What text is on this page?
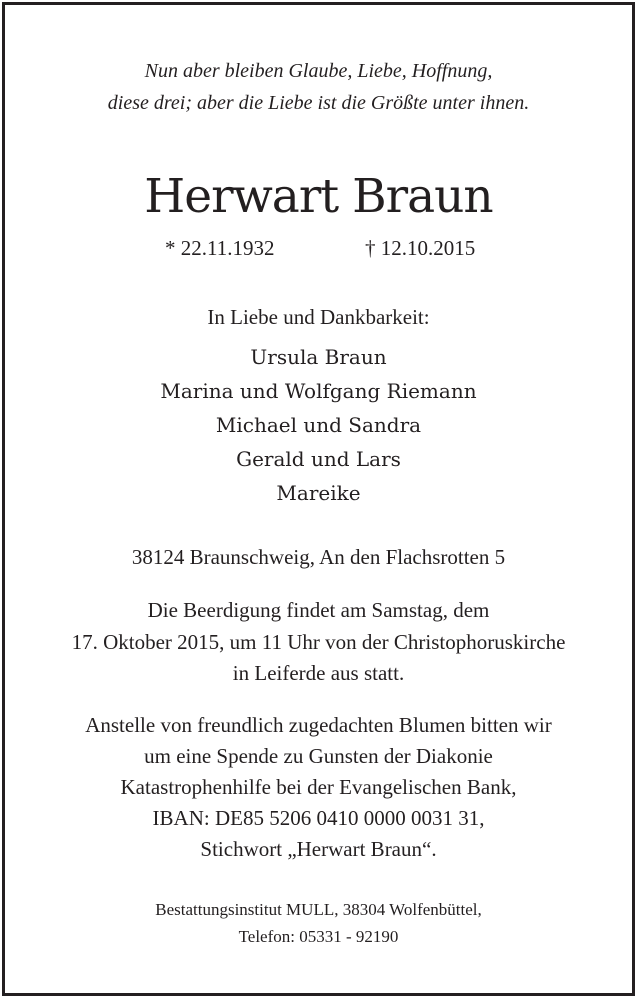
Nun aber bleiben Glaube, Liebe, Hoffnung,
diese drei; aber die Liebe ist die Größte unter ihnen.
Herwart Braun
* 22.11.1932	† 12.10.2015
In Liebe und Dankbarkeit:
Ursula Braun
Marina und Wolfgang Riemann
Michael und Sandra
Gerald und Lars
Mareike
38124 Braunschweig, An den Flachsrotten 5
Die Beerdigung findet am Samstag, dem
17. Oktober 2015, um 11 Uhr von der Christophoruskirche
in Leiferde aus statt.
Anstelle von freundlich zugedachten Blumen bitten wir
um eine Spende zu Gunsten der Diakonie
Katastrophenhilfe bei der Evangelischen Bank,
IBAN: DE85 5206 0410 0000 0031 31,
Stichwort „Herwart Braun“.
Bestattungsinstitut MULL, 38304 Wolfenbüttel,
Telefon: 05331 - 92190
